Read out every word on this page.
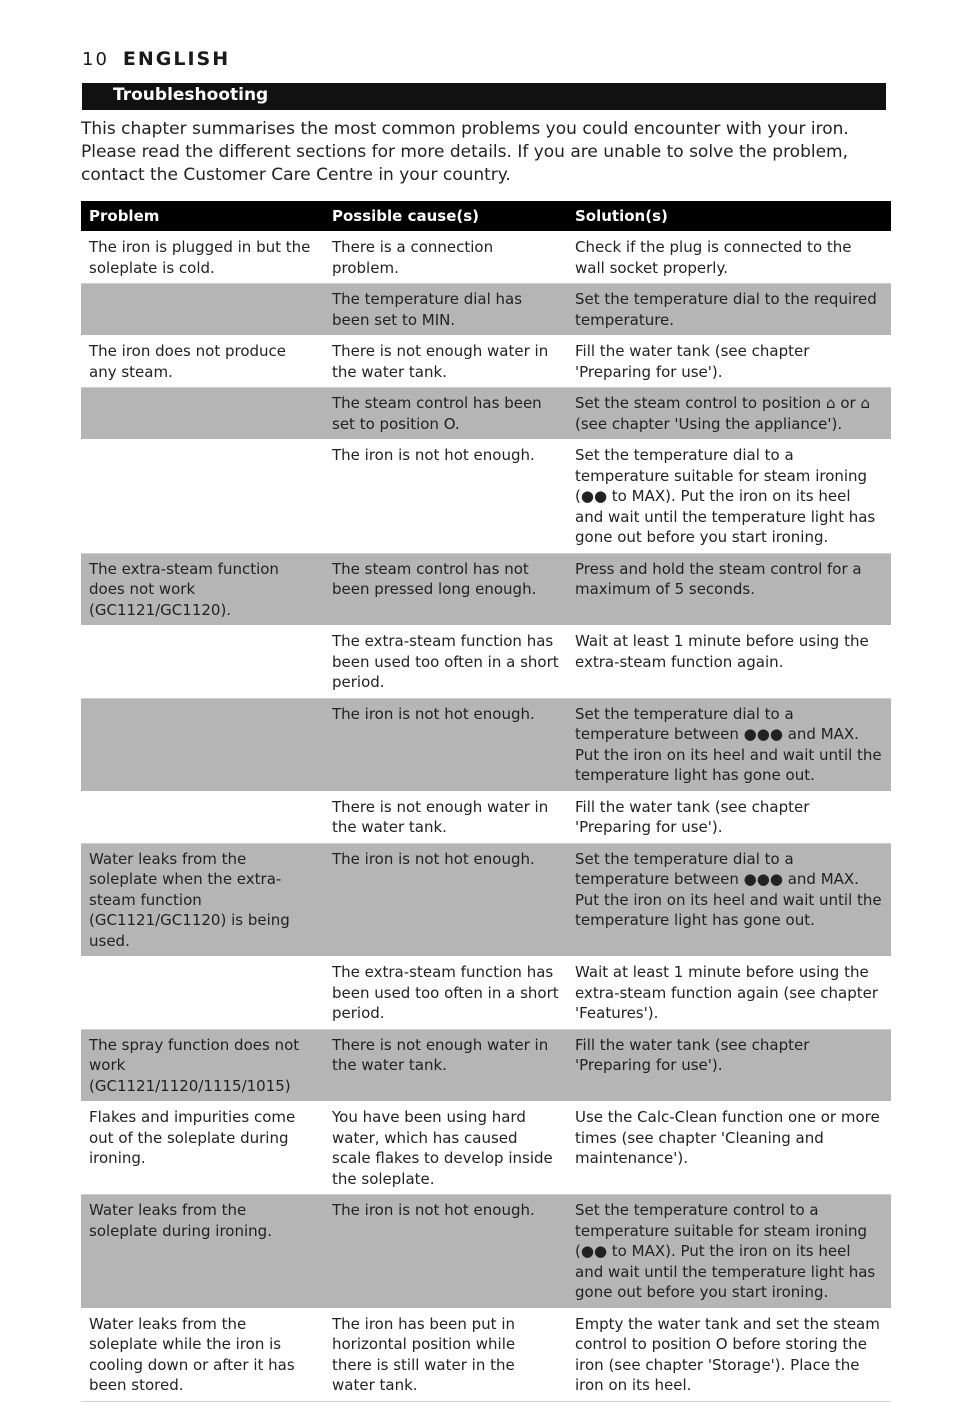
10 ENGLISH
Troubleshooting

This chapter summarises the most common problems you could encounter with your iron. Please read the different sections for more details. If you are unable to solve the problem, contact the Customer Care Centre in your country.

Problem	Possible cause(s)	Solution(s)
The iron is plugged in but the soleplate is cold.	There is a connection problem.	Check if the plug is connected to the wall socket properly.
	The temperature dial has been set to MIN.	Set the temperature dial to the required temperature.
The iron does not produce any steam.	There is not enough water in the water tank.	Fill the water tank (see chapter 'Preparing for use').
	The steam control has been set to position O.	Set the steam control to position ⌂ or ⌂ (see chapter 'Using the appliance').
	The iron is not hot enough.	Set the temperature dial to a temperature suitable for steam ironing (●● to MAX). Put the iron on its heel and wait until the temperature light has gone out before you start ironing.
The extra-steam function does not work (GC1121/GC1120).	The steam control has not been pressed long enough.	Press and hold the steam control for a maximum of 5 seconds.
	The extra-steam function has been used too often in a short period.	Wait at least 1 minute before using the extra-steam function again.
	The iron is not hot enough.	Set the temperature dial to a temperature between ●●● and MAX. Put the iron on its heel and wait until the temperature light has gone out.
	There is not enough water in the water tank.	Fill the water tank (see chapter 'Preparing for use').
Water leaks from the soleplate when the extra-steam function (GC1121/GC1120) is being used.	The iron is not hot enough.	Set the temperature dial to a temperature between ●●● and MAX. Put the iron on its heel and wait until the temperature light has gone out.
	The extra-steam function has been used too often in a short period.	Wait at least 1 minute before using the extra-steam function again (see chapter 'Features').
The spray function does not work (GC1121/1120/1115/1015)	There is not enough water in the water tank.	Fill the water tank (see chapter 'Preparing for use').
Flakes and impurities come out of the soleplate during ironing.	You have been using hard water, which has caused scale flakes to develop inside the soleplate.	Use the Calc-Clean function one or more times (see chapter 'Cleaning and maintenance').
Water leaks from the soleplate during ironing.	The iron is not hot enough.	Set the temperature control to a temperature suitable for steam ironing (●● to MAX). Put the iron on its heel and wait until the temperature light has gone out before you start ironing.
Water leaks from the soleplate while the iron is cooling down or after it has been stored.	The iron has been put in horizontal position while there is still water in the water tank.	Empty the water tank and set the steam control to position O before storing the iron (see chapter 'Storage'). Place the iron on its heel.
